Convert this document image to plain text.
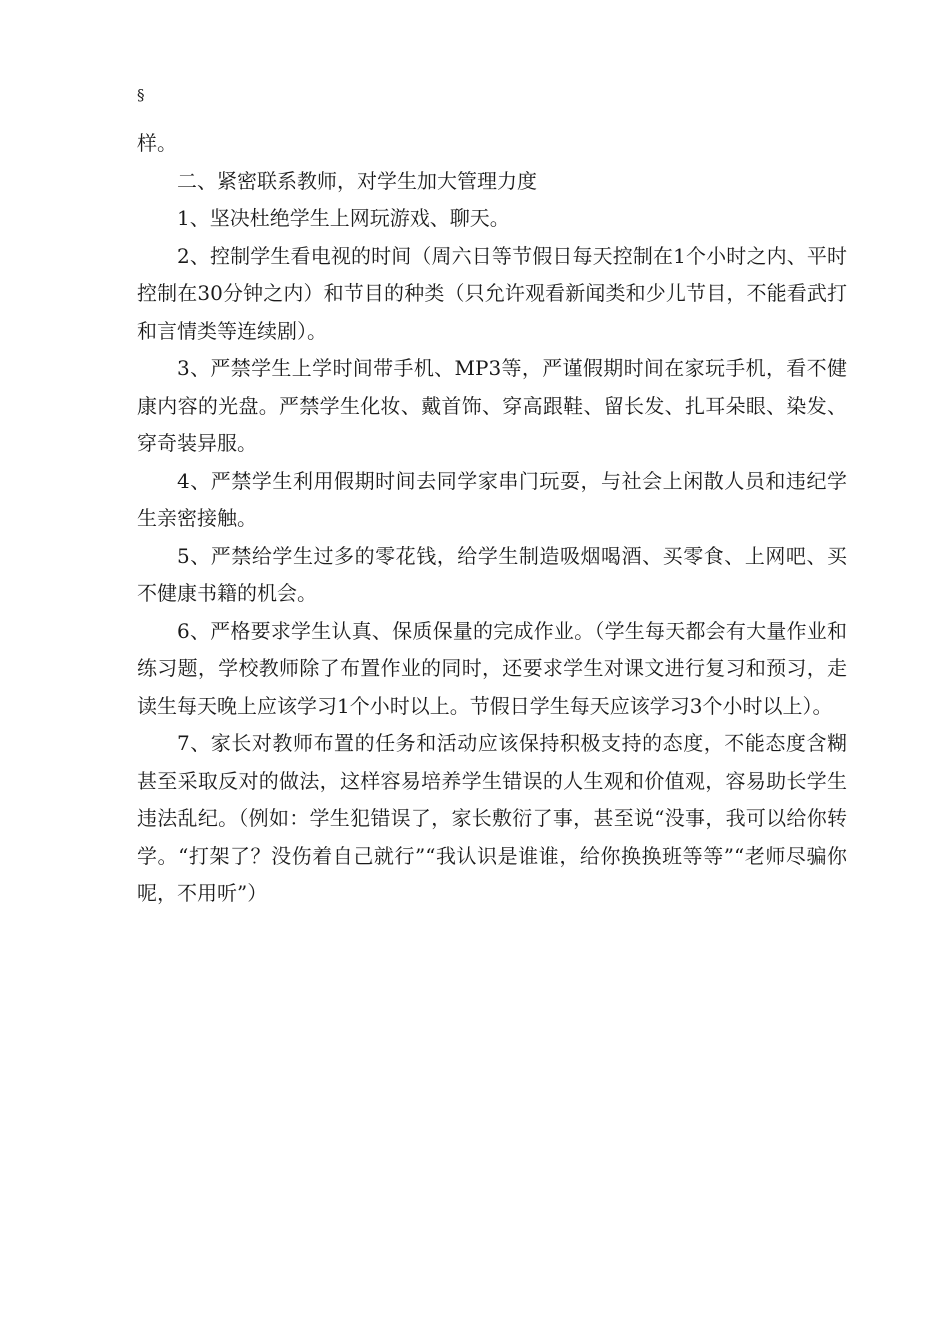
§

样。

二、紧密联系教师，对学生加大管理力度

1、坚决杜绝学生上网玩游戏、聊天。

2、控制学生看电视的时间（周六日等节假日每天控制在1个小时之内、平时控制在30分钟之内）和节目的种类（只允许观看新闻类和少儿节目，不能看武打和言情类等连续剧）。

3、严禁学生上学时间带手机、MP3等，严谨假期时间在家玩手机，看不健康内容的光盘。严禁学生化妆、戴首饰、穿高跟鞋、留长发、扎耳朵眼、染发、穿奇装异服。

4、严禁学生利用假期时间去同学家串门玩耍，与社会上闲散人员和违纪学生亲密接触。

5、严禁给学生过多的零花钱，给学生制造吸烟喝酒、买零食、上网吧、买不健康书籍的机会。

6、严格要求学生认真、保质保量的完成作业。（学生每天都会有大量作业和练习题，学校教师除了布置作业的同时，还要求学生对课文进行复习和预习，走读生每天晚上应该学习1个小时以上。节假日学生每天应该学习3个小时以上）。

7、家长对教师布置的任务和活动应该保持积极支持的态度，不能态度含糊甚至采取反对的做法，这样容易培养学生错误的人生观和价值观，容易助长学生违法乱纪。（例如：学生犯错误了，家长敷衍了事，甚至说“没事，我可以给你转学。“打架了？没伤着自己就行”“我认识是谁谁，给你换换班等等”“老师尽骗你呢，不用听”）
